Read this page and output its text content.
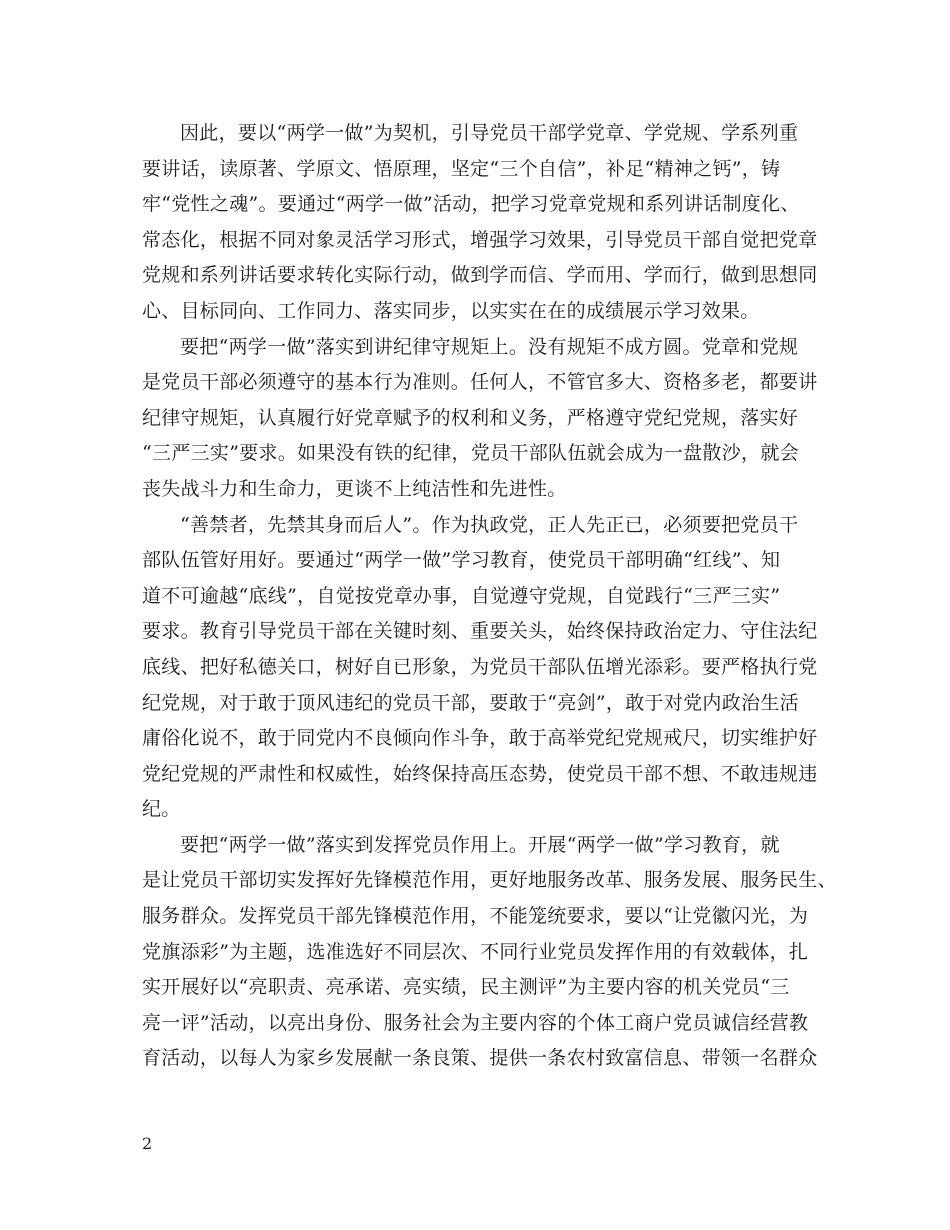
因此，要以“两学一做”为契机，引导党员干部学党章、学党规、学系列重
要讲话，读原著、学原文、悟原理，坚定“三个自信”，补足“精神之钙”，铸
牢“党性之魂”。要通过“两学一做”活动，把学习党章党规和系列讲话制度化、
常态化，根据不同对象灵活学习形式，增强学习效果，引导党员干部自觉把党章
党规和系列讲话要求转化实际行动，做到学而信、学而用、学而行，做到思想同
心、目标同向、工作同力、落实同步，以实实在在的成绩展示学习效果。
要把“两学一做”落实到讲纪律守规矩上。没有规矩不成方圆。党章和党规
是党员干部必须遵守的基本行为准则。任何人，不管官多大、资格多老，都要讲
纪律守规矩，认真履行好党章赋予的权利和义务，严格遵守党纪党规，落实好
“三严三实”要求。如果没有铁的纪律，党员干部队伍就会成为一盘散沙，就会
丧失战斗力和生命力，更谈不上纯洁性和先进性。
“善禁者，先禁其身而后人”。作为执政党，正人先正已，必须要把党员干
部队伍管好用好。要通过“两学一做”学习教育，使党员干部明确“红线”、知
道不可逾越“底线”，自觉按党章办事，自觉遵守党规，自觉践行“三严三实”
要求。教育引导党员干部在关键时刻、重要关头，始终保持政治定力、守住法纪
底线、把好私德关口，树好自已形象，为党员干部队伍增光添彩。要严格执行党
纪党规，对于敢于顶风违纪的党员干部，要敢于“亮剑”，敢于对党内政治生活
庸俗化说不，敢于同党内不良倾向作斗争，敢于高举党纪党规戒尺，切实维护好
党纪党规的严肃性和权威性，始终保持高压态势，使党员干部不想、不敢违规违
纪。
要把“两学一做”落实到发挥党员作用上。开展“两学一做”学习教育，就
是让党员干部切实发挥好先锋模范作用，更好地服务改革、服务发展、服务民生、
服务群众。发挥党员干部先锋模范作用，不能笼统要求，要以“让党徽闪光，为
党旗添彩”为主题，选准选好不同层次、不同行业党员发挥作用的有效载体，扎
实开展好以“亮职责、亮承诺、亮实绩，民主测评”为主要内容的机关党员“三
亮一评”活动，以亮出身份、服务社会为主要内容的个体工商户党员诚信经营教
育活动，以每人为家乡发展献一条良策、提供一条农村致富信息、带领一名群众
2
